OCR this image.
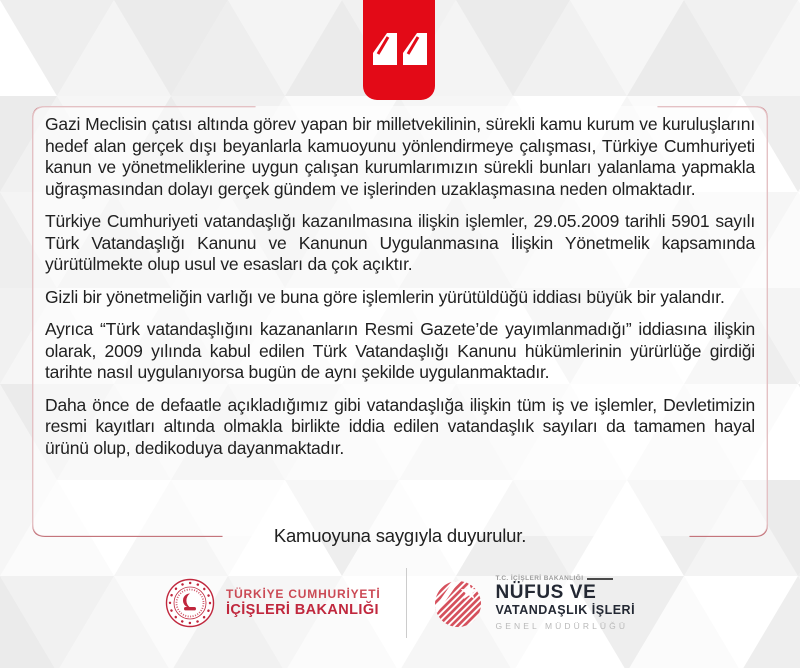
Gazi Meclisin çatısı altında görev yapan bir milletvekilinin, sürekli kamu kurum ve kuruluşlarını hedef alan gerçek dışı beyanlarla kamuoyunu yönlendirmeye çalışması, Türkiye Cumhuriyeti kanun ve yönetmeliklerine uygun çalışan kurumlarımızın sürekli bunları yalanlama yapmakla uğraşmasından dolayı gerçek gündem ve işlerinden uzaklaşmasına neden olmaktadır.

Türkiye Cumhuriyeti vatandaşlığı kazanılmasına ilişkin işlemler, 29.05.2009 tarihli 5901 sayılı Türk Vatandaşlığı Kanunu ve Kanunun Uygulanmasına İlişkin Yönetmelik kapsamında yürütülmekte olup usul ve esasları da çok açıktır.

Gizli bir yönetmeliğin varlığı ve buna göre işlemlerin yürütüldüğü iddiası büyük bir yalandır.

Ayrıca “Türk vatandaşlığını kazananların Resmi Gazete’de yayımlanmadığı” iddiasına ilişkin olarak, 2009 yılında kabul edilen Türk Vatandaşlığı Kanunu hükümlerinin yürürlüğe girdiği tarihte nasıl uygulanıyorsa bugün de aynı şekilde uygulanmaktadır.

Daha önce de defaatle açıkladığımız gibi vatandaşlığa ilişkin tüm iş ve işlemler, Devletimizin resmi kayıtları altında olmakla birlikte iddia edilen vatandaşlık sayıları da tamamen hayal ürünü olup, dedikoduya dayanmaktadır.

Kamuoyuna saygıyla duyurulur.
TÜRKİYE CUMHURİYETİ
İÇİŞLERİ BAKANLIĞI
T.C. İÇİŞLERİ BAKANLIĞI
NÜFUS VE
VATANDAŞLIK İŞLERİ
GENEL MÜDÜRLÜĞÜ
